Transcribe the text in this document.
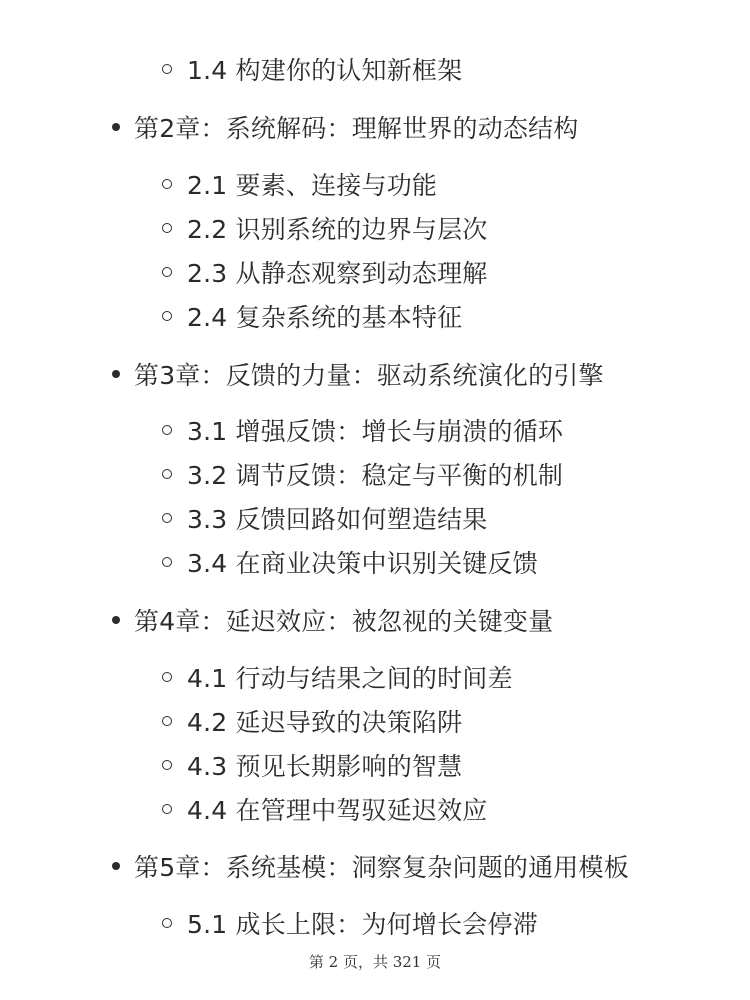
1.4 构建你的认知新框架
第2章：系统解码：理解世界的动态结构
2.1 要素、连接与功能
2.2 识别系统的边界与层次
2.3 从静态观察到动态理解
2.4 复杂系统的基本特征
第3章：反馈的力量：驱动系统演化的引擎
3.1 增强反馈：增长与崩溃的循环
3.2 调节反馈：稳定与平衡的机制
3.3 反馈回路如何塑造结果
3.4 在商业决策中识别关键反馈
第4章：延迟效应：被忽视的关键变量
4.1 行动与结果之间的时间差
4.2 延迟导致的决策陷阱
4.3 预见长期影响的智慧
4.4 在管理中驾驭延迟效应
第5章：系统基模：洞察复杂问题的通用模板
5.1 成长上限：为何增长会停滞
第 2 页，共 321 页
